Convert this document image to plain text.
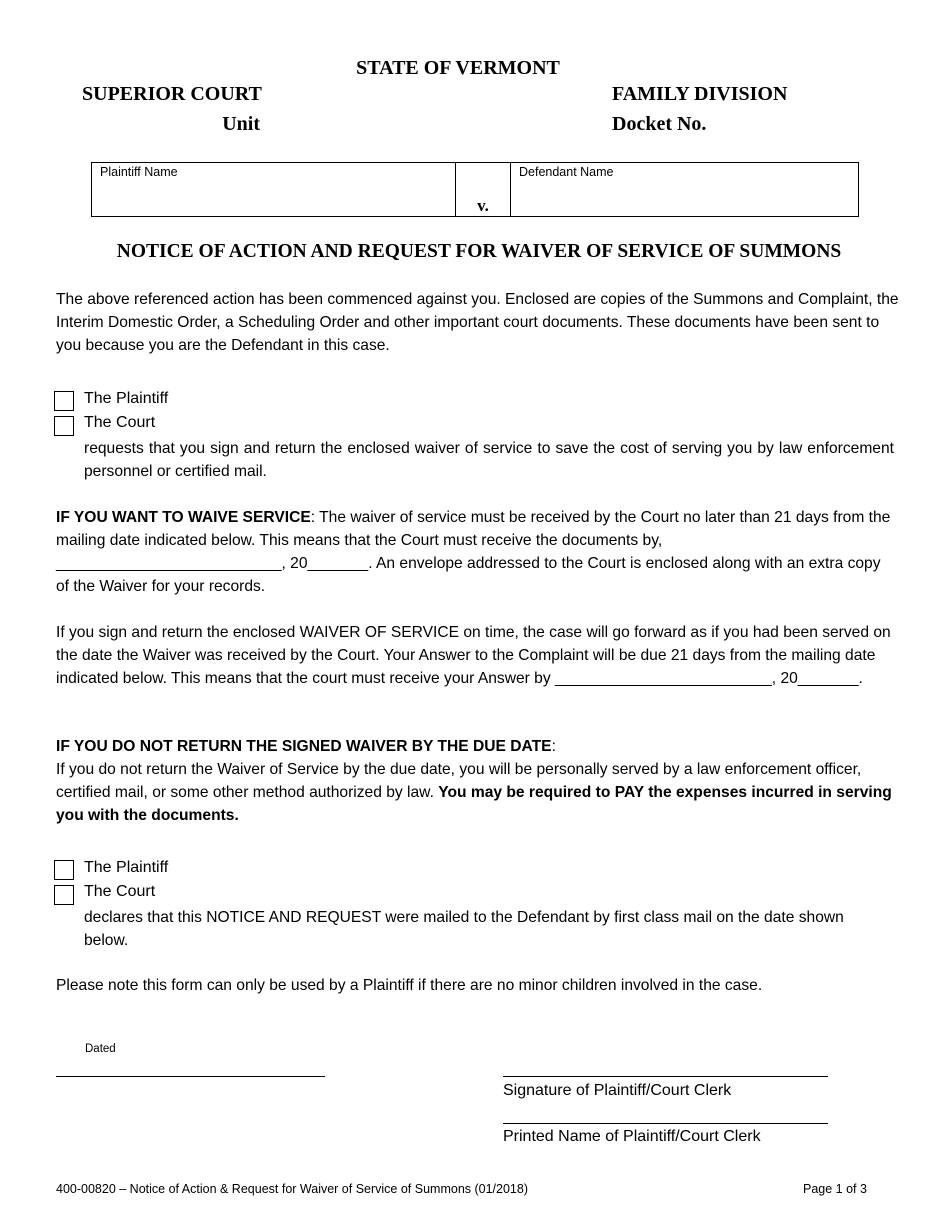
STATE OF VERMONT
SUPERIOR COURT
Unit
FAMILY DIVISION
Docket No.
Plaintiff Name
v.
Defendant Name
NOTICE OF ACTION AND REQUEST FOR WAIVER OF SERVICE OF SUMMONS
The above referenced action has been commenced against you. Enclosed are copies of the Summons and Complaint, the Interim Domestic Order, a Scheduling Order and other important court documents. These documents have been sent to you because you are the Defendant in this case.
The Plaintiff
The Court
requests that you sign and return the enclosed waiver of service to save the cost of serving you by law enforcement personnel or certified mail.
IF YOU WANT TO WAIVE SERVICE: The waiver of service must be received by the Court no later than 21 days from the mailing date indicated below. This means that the Court must receive the documents by, __________________________, 20_______. An envelope addressed to the Court is enclosed along with an extra copy of the Waiver for your records.
If you sign and return the enclosed WAIVER OF SERVICE on time, the case will go forward as if you had been served on the date the Waiver was received by the Court. Your Answer to the Complaint will be due 21 days from the mailing date indicated below. This means that the court must receive your Answer by _________________________, 20_______.
IF YOU DO NOT RETURN THE SIGNED WAIVER BY THE DUE DATE:
If you do not return the Waiver of Service by the due date, you will be personally served by a law enforcement officer, certified mail, or some other method authorized by law. You may be required to PAY the expenses incurred in serving you with the documents.
The Plaintiff
The Court
declares that this NOTICE AND REQUEST were mailed to the Defendant by first class mail on the date shown below.
Please note this form can only be used by a Plaintiff if there are no minor children involved in the case.
Dated
Signature of Plaintiff/Court Clerk
Printed Name of Plaintiff/Court Clerk
400-00820 – Notice of Action & Request for Waiver of Service of Summons (01/2018)	Page 1 of 3
